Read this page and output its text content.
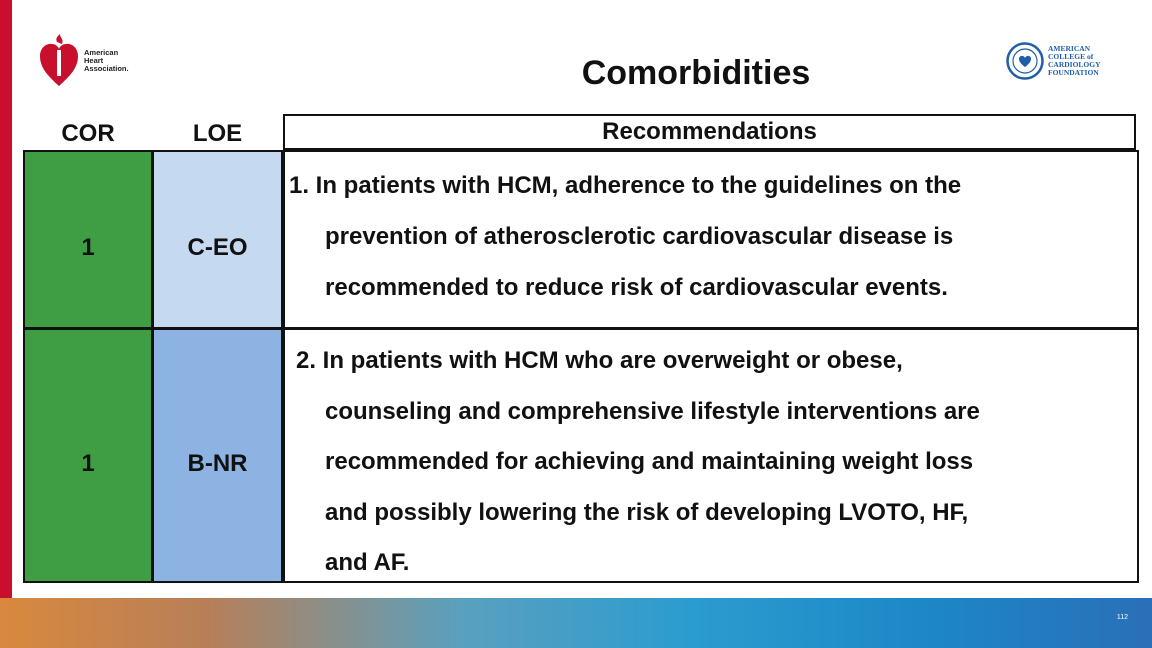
American
Heart
Association.
AMERICAN
COLLEGE of
CARDIOLOGY
FOUNDATION
Comorbidities
COR	LOE	Recommendations
1	C-EO
1. In patients with HCM, adherence to the guidelines on the
prevention of atherosclerotic cardiovascular disease is
recommended to reduce risk of cardiovascular events.
1	B-NR
2. In patients with HCM who are overweight or obese,
counseling and comprehensive lifestyle interventions are
recommended for achieving and maintaining weight loss
and possibly lowering the risk of developing LVOTO, HF,
and AF.
112
